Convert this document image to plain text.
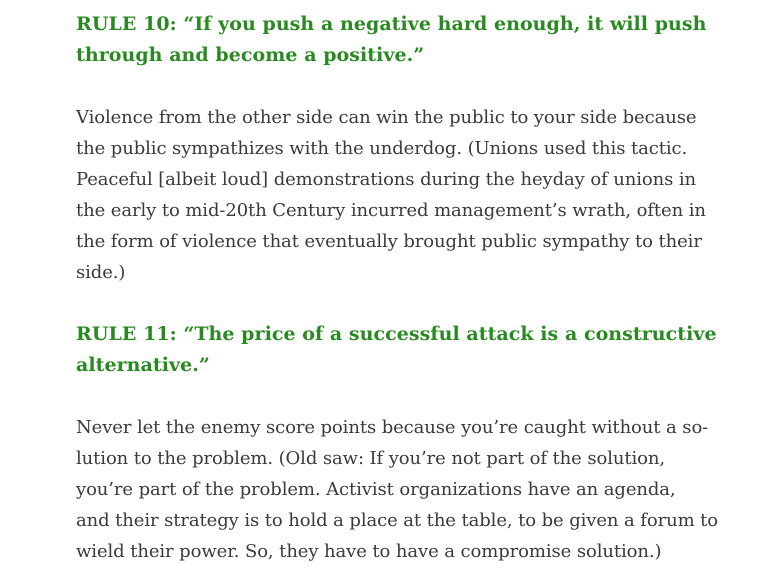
RULE 10: “If you push a negative hard enough, it will push
through and become a positive.”

Violence from the other side can win the public to your side because
the public sympathizes with the underdog. (Unions used this tactic.
Peaceful [albeit loud] demonstrations during the heyday of unions in
the early to mid-20th Century incurred management’s wrath, often in
the form of violence that eventually brought public sympathy to their
side.)

RULE 11: “The price of a successful attack is a constructive
alternative.”

Never let the enemy score points because you’re caught without a so-
lution to the problem. (Old saw: If you’re not part of the solution,
you’re part of the problem. Activist organizations have an agenda,
and their strategy is to hold a place at the table, to be given a forum to
wield their power. So, they have to have a compromise solution.)
